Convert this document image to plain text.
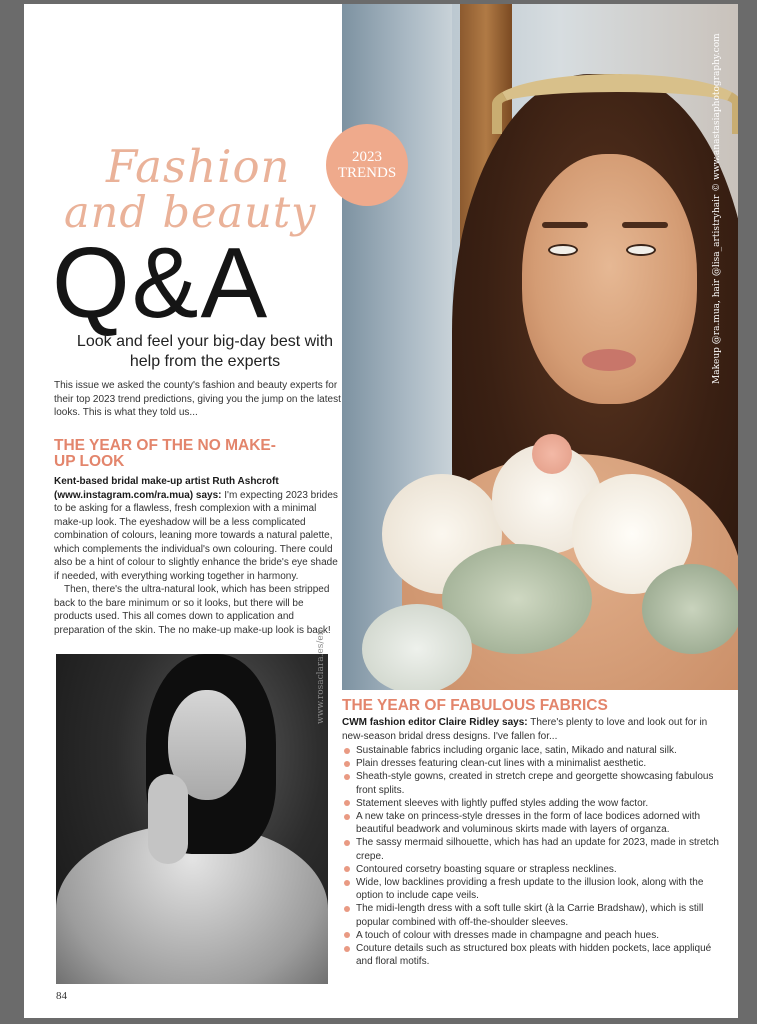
Makeup @ra.mua, hair @lisa_artistryhair © www.anastasiaphotography.com
2023
TRENDS
Fashion
and beauty
Q&A
Look and feel your big-day best with help from the experts
This issue we asked the county's fashion and beauty experts for their top 2023 trend predictions, giving you the jump on the latest looks. This is what they told us...
THE YEAR OF THE NO MAKE-UP LOOK

Kent-based bridal make-up artist Ruth Ashcroft (www.instagram.com/ra.mua) says: I'm expecting 2023 brides to be asking for a flawless, fresh complexion with a minimal make-up look. The eyeshadow will be a less complicated combination of colours, leaning more towards a natural palette, which complements the individual's own colouring. There could also be a hint of colour to slightly enhance the bride's eye shade if needed, with everything working together in harmony.

Then, there's the ultra-natural look, which has been stripped back to the bare minimum or so it looks, but there will be products used. This all comes down to application and preparation of the skin. The no make-up make-up look is back!

www.rosaclara.es/en THE YEAR OF FABULOUS FABRICS
CWM fashion editor Claire Ridley says: There's plenty to love and look out for in new-season bridal dress designs. I've fallen for...
Sustainable fabrics including organic lace, satin, Mikado and natural silk.
Plain dresses featuring clean-cut lines with a minimalist aesthetic.
Sheath-style gowns, created in stretch crepe and georgette showcasing fabulous front splits.
Statement sleeves with lightly puffed styles adding the wow factor.
A new take on princess-style dresses in the form of lace bodices adorned with beautiful beadwork and voluminous skirts made with layers of organza.
The sassy mermaid silhouette, which has had an update for 2023, made in stretch crepe.
Contoured corsetry boasting square or strapless necklines.
Wide, low backlines providing a fresh update to the illusion look, along with the option to include cape veils.
The midi-length dress with a soft tulle skirt (à la Carrie Bradshaw), which is still popular combined with off-the-shoulder sleeves.
A touch of colour with dresses made in champagne and peach hues.
Couture details such as structured box pleats with hidden pockets, lace appliqué and floral motifs.
84
